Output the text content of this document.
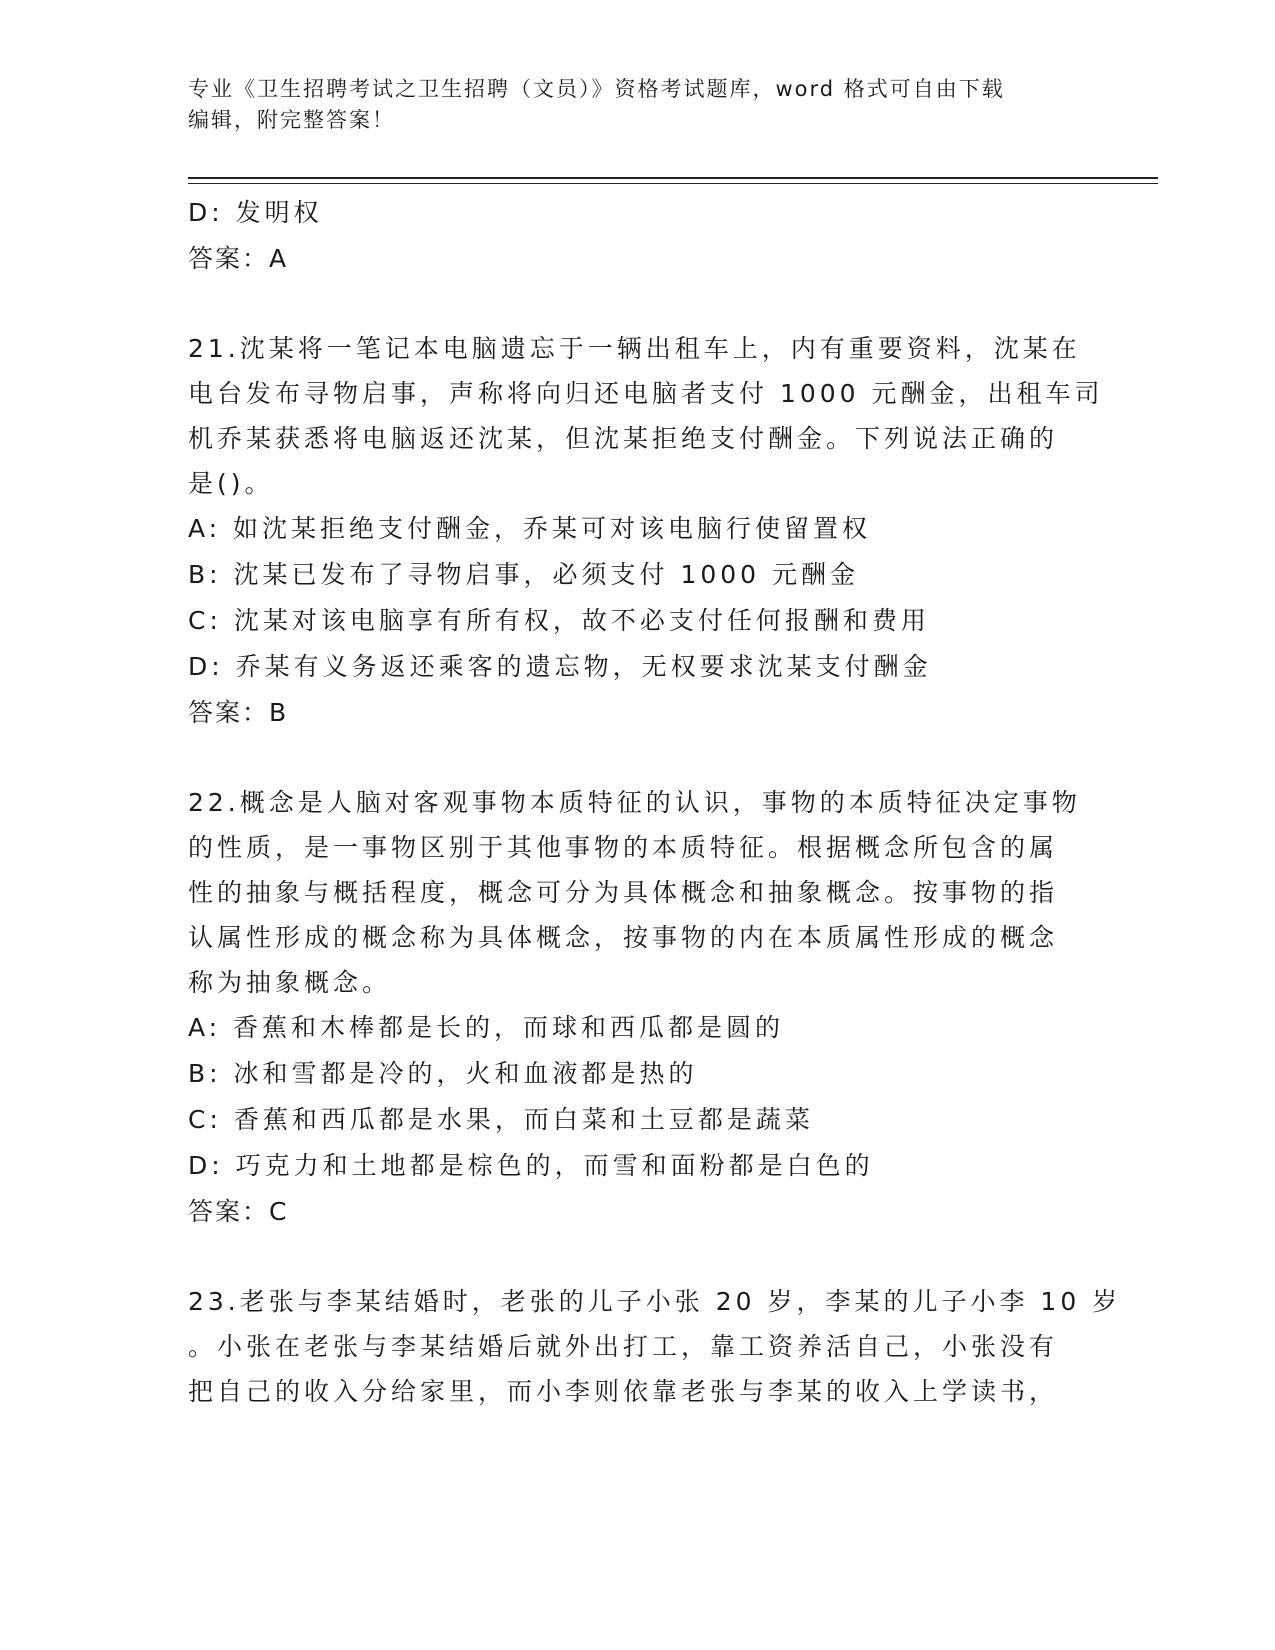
专业《卫生招聘考试之卫生招聘（文员）》资格考试题库，word 格式可自由下载
编辑，附完整答案！
D: 发明权
答案：A
21.沈某将一笔记本电脑遗忘于一辆出租车上，内有重要资料，沈某在
电台发布寻物启事，声称将向归还电脑者支付 1000 元酬金，出租车司
机乔某获悉将电脑返还沈某，但沈某拒绝支付酬金。下列说法正确的
是()。
A: 如沈某拒绝支付酬金，乔某可对该电脑行使留置权
B: 沈某已发布了寻物启事，必须支付 1000 元酬金
C: 沈某对该电脑享有所有权，故不必支付任何报酬和费用
D: 乔某有义务返还乘客的遗忘物，无权要求沈某支付酬金
答案：B
22.概念是人脑对客观事物本质特征的认识，事物的本质特征决定事物
的性质，是一事物区别于其他事物的本质特征。根据概念所包含的属
性的抽象与概括程度，概念可分为具体概念和抽象概念。按事物的指
认属性形成的概念称为具体概念，按事物的内在本质属性形成的概念
称为抽象概念。
A: 香蕉和木棒都是长的，而球和西瓜都是圆的
B: 冰和雪都是冷的，火和血液都是热的
C: 香蕉和西瓜都是水果，而白菜和土豆都是蔬菜
D: 巧克力和土地都是棕色的，而雪和面粉都是白色的
答案：C
23.老张与李某结婚时，老张的儿子小张 20 岁，李某的儿子小李 10 岁
。小张在老张与李某结婚后就外出打工，靠工资养活自己，小张没有
把自己的收入分给家里，而小李则依靠老张与李某的收入上学读书，
